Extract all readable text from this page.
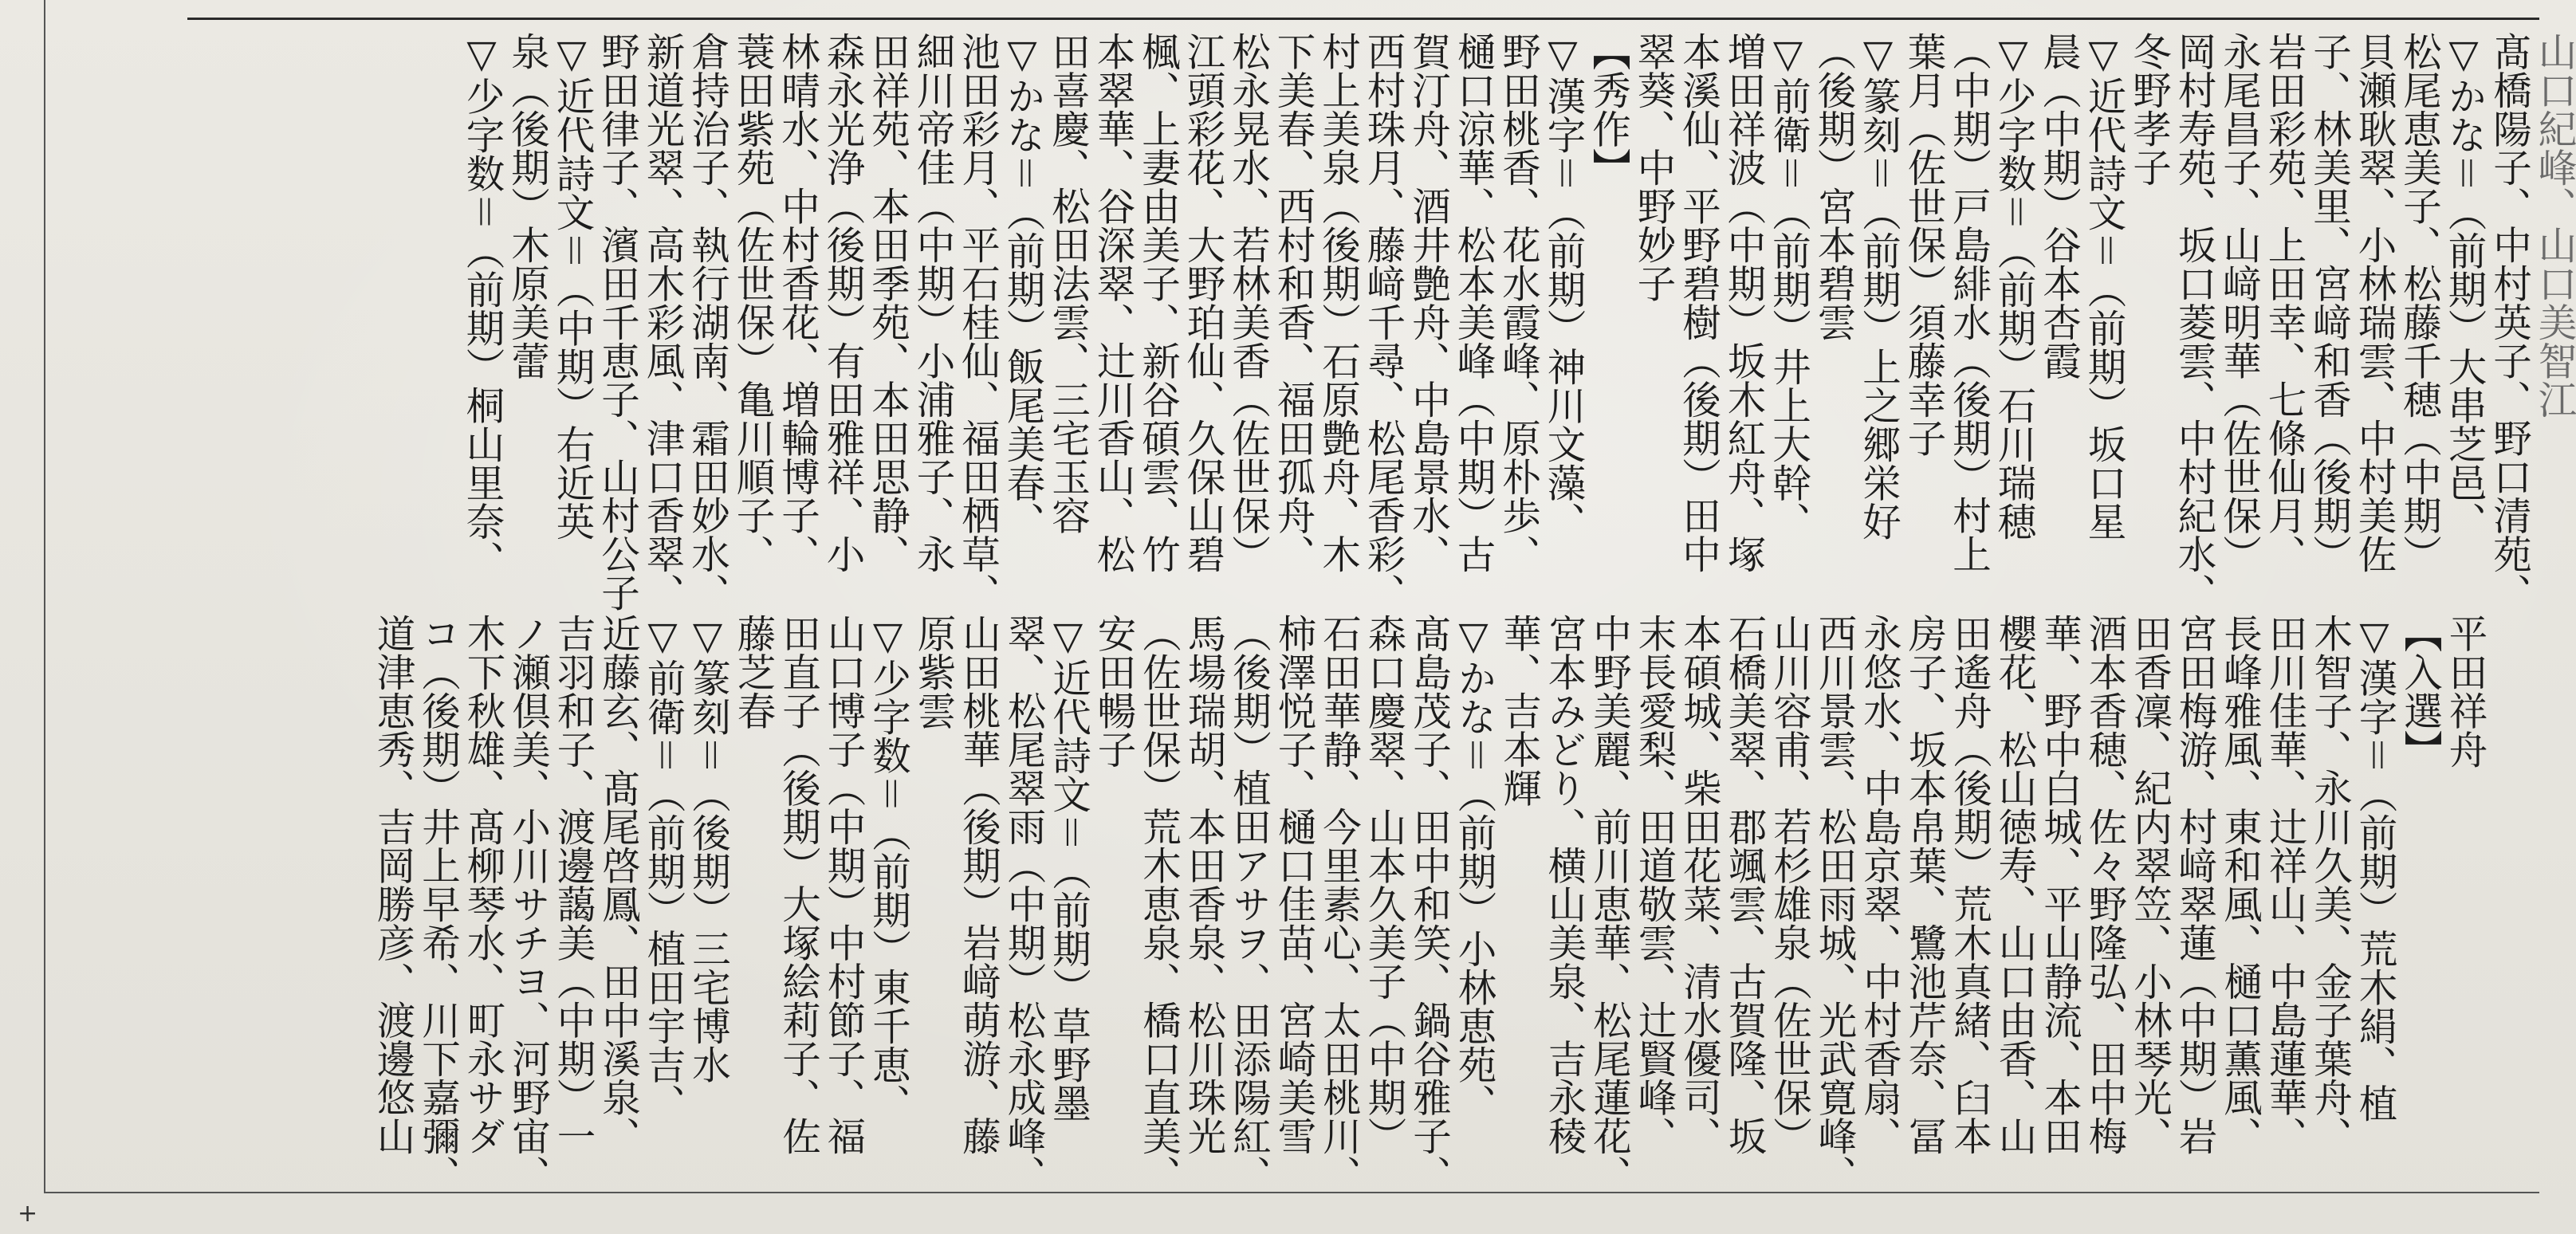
+
山口紀峰、山口美智江
髙橋陽子、中村英子、野口清苑、
▽かな＝（前期）大串芝邑、
松尾恵美子、松藤千穂（中期）
貝瀬耿翠、小林瑞雲、中村美佐
子、林美里、宮﨑和香（後期）
岩田彩苑、上田幸、七條仙月、
永尾昌子、山﨑明華（佐世保）
岡村寿苑、坂口菱雲、中村紀水、
冬野孝子
▽近代詩文＝（前期）坂口星
晨（中期）谷本杏霞
▽少字数＝（前期）石川瑞穂
（中期）戸島緋水（後期）村上
葉月（佐世保）須藤幸子
▽篆刻＝（前期）上之郷栄好
（後期）宮本碧雲
▽前衛＝（前期）井上大幹、
増田祥波（中期）坂木紅舟、塚
本溪仙、平野碧樹（後期）田中
翠葵、中野妙子
【秀作】
▽漢字＝（前期）神川文藻、
野田桃香、花水霞峰、原朴歩、
樋口涼華、松本美峰（中期）古
賀汀舟、酒井艶舟、中島景水、
西村珠月、藤﨑千尋、松尾香彩、
村上美泉（後期）石原艶舟、木
下美春、西村和香、福田孤舟、
松永晃水、若林美香（佐世保）
江頭彩花、大野珀仙、久保山碧
楓、上妻由美子、新谷碩雲、竹
本翠華、谷深翠、辻川香山、松
田喜慶、松田法雲、三宅玉容
▽かな＝（前期）飯尾美春、
池田彩月、平石桂仙、福田栖草、
細川帝佳（中期）小浦雅子、永
田祥苑、本田季苑、本田思静、
森永光浄（後期）有田雅祥、小
林晴水、中村香花、増輪博子、
蓑田紫苑（佐世保）亀川順子、
倉持治子、執行湖南、霜田妙水、
新道光翠、高木彩風、津口香翠、
野田律子、濱田千恵子、山村公子
▽近代詩文＝（中期）右近英
泉（後期）木原美蕾
▽少字数＝（前期）桐山里奈、
平田祥舟
【入選】
▽漢字＝（前期）荒木絹、植
木智子、永川久美、金子葉舟、
田川佳華、辻祥山、中島蓮華、
長峰雅風、東和風、樋口薫風、
宮田梅游、村﨑翠蓮（中期）岩
田香凜、紀内翠笠、小林琴光、
酒本香穂、佐々野隆弘、田中梅
華、野中白城、平山静流、本田
櫻花、松山徳寿、山口由香、山
田遙舟（後期）荒木真緒、臼本
房子、坂本帛葉、鷺池芹奈、冨
永悠水、中島京翠、中村香扇、
西川景雲、松田雨城、光武寛峰、
山川容甫、若杉雄泉（佐世保）
石橋美翠、郡颯雲、古賀隆、坂
本碩城、柴田花菜、清水優司、
末長愛梨、田道敬雲、辻賢峰、
中野美麗、前川恵華、松尾蓮花、
宮本みどり、横山美泉、吉永稜
華、吉本輝
▽かな＝（前期）小林恵苑、
髙島茂子、田中和笑、鍋谷雅子、
森口慶翠、山本久美子（中期）
石田華静、今里素心、太田桃川、
柿澤悦子、樋口佳苗、宮崎美雪
（後期）植田アサヲ、田添陽紅、
馬場瑞胡、本田香泉、松川珠光
（佐世保）荒木恵泉、橋口直美、
安田暢子
▽近代詩文＝（前期）草野墨
翠、松尾翠雨（中期）松永成峰、
山田桃華（後期）岩﨑萌游、藤
原紫雲
▽少字数＝（前期）東千恵、
山口博子（中期）中村節子、福
田直子（後期）大塚絵莉子、佐
藤芝春
▽篆刻＝（後期）三宅博水
▽前衛＝（前期）植田宇吉、
近藤玄、髙尾啓鳳、田中溪泉、
吉羽和子、渡邊藹美（中期）一
ノ瀬倶美、小川サチヨ、河野宙、
木下秋雄、髙柳琴水、町永サダ
コ（後期）井上早希、川下嘉彌、
道津恵秀、吉岡勝彦、渡邊悠山
